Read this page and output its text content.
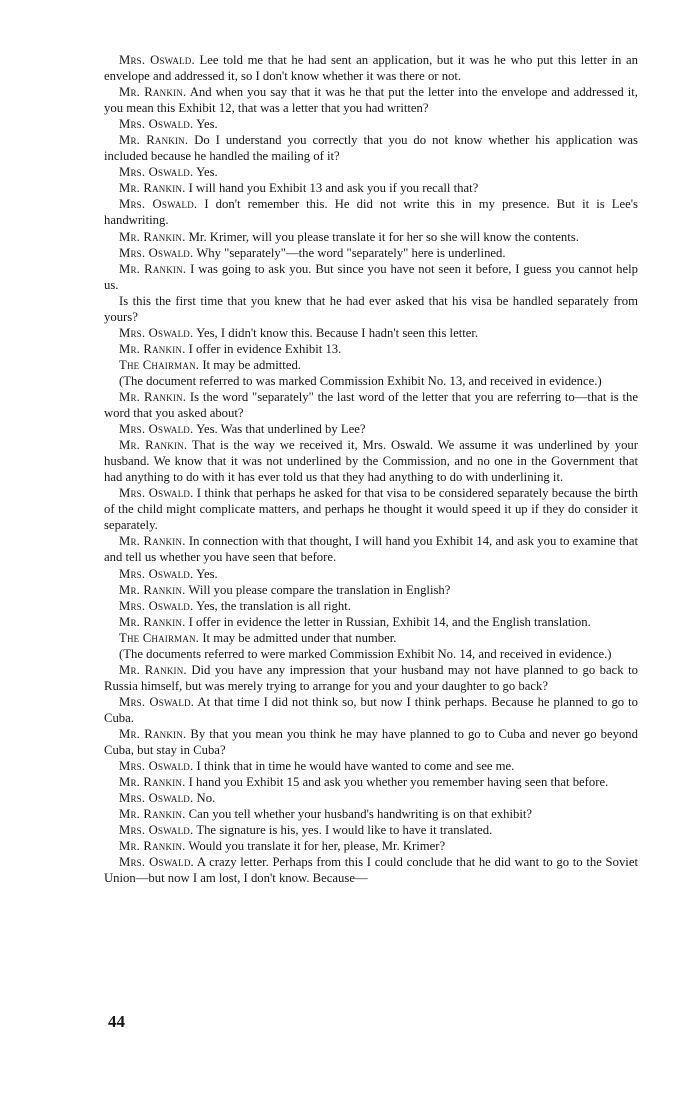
Mrs. Oswald. Lee told me that he had sent an application, but it was he who put this letter in an envelope and addressed it, so I don't know whether it was there or not.

Mr. Rankin. And when you say that it was he that put the letter into the envelope and addressed it, you mean this Exhibit 12, that was a letter that you had written?

Mrs. Oswald. Yes.

Mr. Rankin. Do I understand you correctly that you do not know whether his application was included because he handled the mailing of it?

Mrs. Oswald. Yes.

Mr. Rankin. I will hand you Exhibit 13 and ask you if you recall that?

Mrs. Oswald. I don't remember this. He did not write this in my presence. But it is Lee's handwriting.

Mr. Rankin. Mr. Krimer, will you please translate it for her so she will know the contents.

Mrs. Oswald. Why "separately"—the word "separately" here is underlined.

Mr. Rankin. I was going to ask you. But since you have not seen it before, I guess you cannot help us.

Is this the first time that you knew that he had ever asked that his visa be handled separately from yours?

Mrs. Oswald. Yes, I didn't know this. Because I hadn't seen this letter.

Mr. Rankin. I offer in evidence Exhibit 13.

The Chairman. It may be admitted.

(The document referred to was marked Commission Exhibit No. 13, and received in evidence.)

Mr. Rankin. Is the word "separately" the last word of the letter that you are referring to—that is the word that you asked about?

Mrs. Oswald. Yes. Was that underlined by Lee?

Mr. Rankin. That is the way we received it, Mrs. Oswald. We assume it was underlined by your husband. We know that it was not underlined by the Commission, and no one in the Government that had anything to do with it has ever told us that they had anything to do with underlining it.

Mrs. Oswald. I think that perhaps he asked for that visa to be considered separately because the birth of the child might complicate matters, and perhaps he thought it would speed it up if they do consider it separately.

Mr. Rankin. In connection with that thought, I will hand you Exhibit 14, and ask you to examine that and tell us whether you have seen that before.

Mrs. Oswald. Yes.

Mr. Rankin. Will you please compare the translation in English?

Mrs. Oswald. Yes, the translation is all right.

Mr. Rankin. I offer in evidence the letter in Russian, Exhibit 14, and the English translation.

The Chairman. It may be admitted under that number.

(The documents referred to were marked Commission Exhibit No. 14, and received in evidence.)

Mr. Rankin. Did you have any impression that your husband may not have planned to go back to Russia himself, but was merely trying to arrange for you and your daughter to go back?

Mrs. Oswald. At that time I did not think so, but now I think perhaps. Because he planned to go to Cuba.

Mr. Rankin. By that you mean you think he may have planned to go to Cuba and never go beyond Cuba, but stay in Cuba?

Mrs. Oswald. I think that in time he would have wanted to come and see me.

Mr. Rankin. I hand you Exhibit 15 and ask you whether you remember having seen that before.

Mrs. Oswald. No.

Mr. Rankin. Can you tell whether your husband's handwriting is on that exhibit?

Mrs. Oswald. The signature is his, yes. I would like to have it translated.

Mr. Rankin. Would you translate it for her, please, Mr. Krimer?

Mrs. Oswald. A crazy letter. Perhaps from this I could conclude that he did want to go to the Soviet Union—but now I am lost, I don't know. Because—

44
